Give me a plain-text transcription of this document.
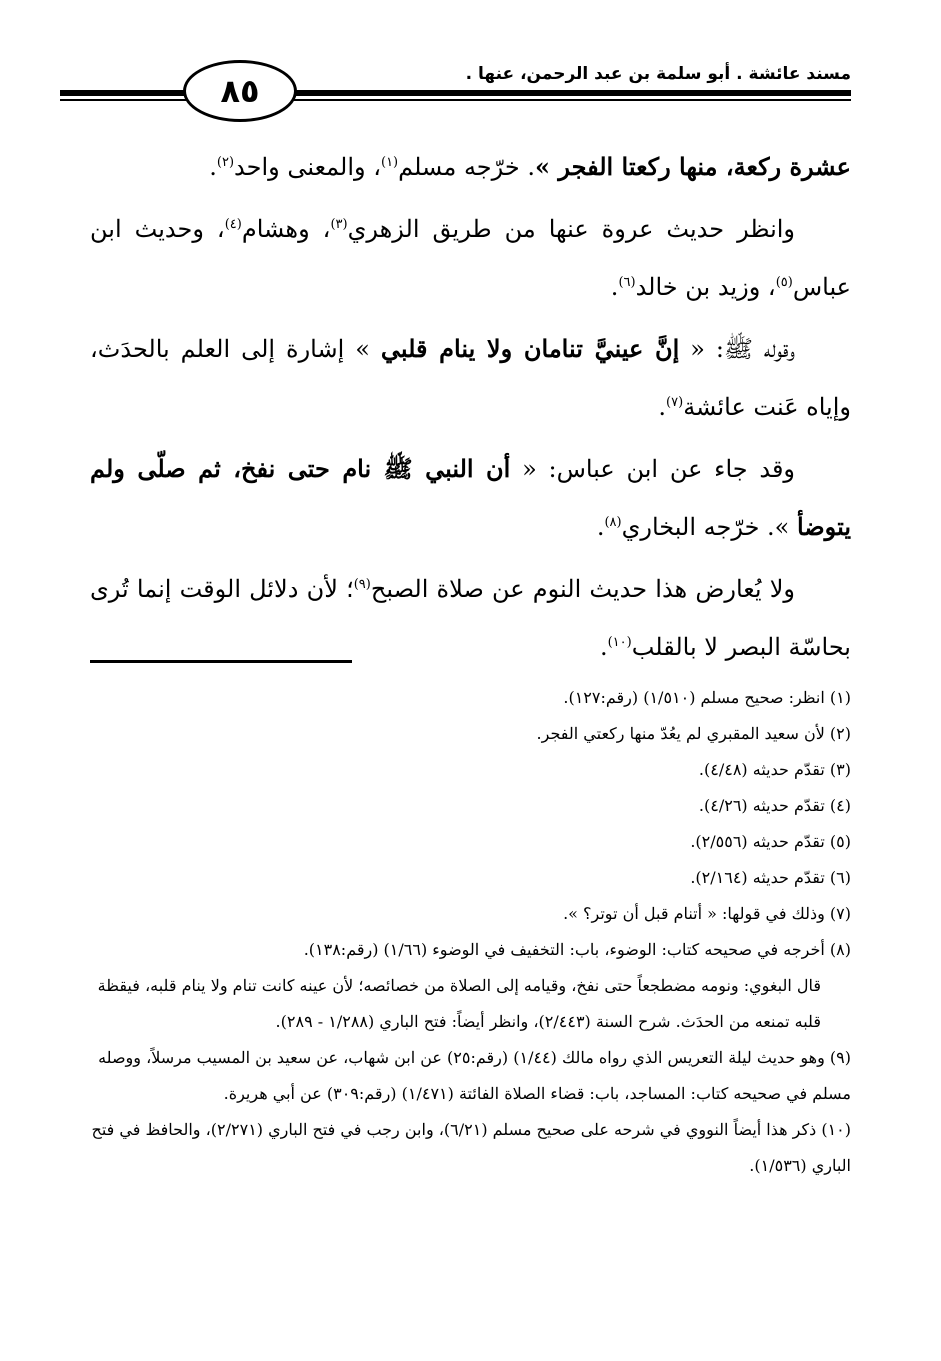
مسند عائشة . أبو سلمة بن عبد الرحمن، عنها .
٨٥

عشرة ركعة، منها ركعتا الفجر ». خرّجه مسلم$^{(١)}$، والمعنى واحد$^{(٢)}$.

وانظر حديث عروة عنها من طريق الزهري$^{(٣)}$، وهشام$^{(٤)}$، وحديث ابن عباس$^{(٥)}$، وزيد بن خالد$^{(٦)}$.

وقوله ﷺ: « إنَّ عينيَّ تنامان ولا ينام قلبي » إشارة إلى العلم بالحدَث، وإياه عَنت عائشة$^{(٧)}$.

وقد جاء عن ابن عباس: « أن النبي ﷺ نام حتى نفخ، ثم صلّى ولم يتوضأ ». خرّجه البخاري$^{(٨)}$.

ولا يُعارض هذا حديث النوم عن صلاة الصبح$^{(٩)}$؛ لأن دلائل الوقت إنما تُرى بحاسّة البصر لا بالقلب$^{(١٠)}$.

(١) انظر: صحيح مسلم (١/٥١٠) (رقم:١٢٧).
(٢) لأن سعيد المقبري لم يعُدّ منها ركعتي الفجر.
(٣) تقدّم حديثه (٤/٤٨).
(٤) تقدّم حديثه (٤/٢٦).
(٥) تقدّم حديثه (٢/٥٥٦).
(٦) تقدّم حديثه (٢/١٦٤).
(٧) وذلك في قولها: « أتنام قبل أن توتر؟ ».
(٨) أخرجه في صحيحه كتاب: الوضوء، باب: التخفيف في الوضوء (١/٦٦) (رقم:١٣٨).
قال البغوي: ونومه مضطجعاً حتى نفخ، وقيامه إلى الصلاة من خصائصه؛ لأن عينه كانت تنام ولا ينام قلبه، فيقظة قلبه تمنعه من الحدَث. شرح السنة (٢/٤٤٣)، وانظر أيضاً: فتح الباري (١/٢٨٨ - ٢٨٩).
(٩) وهو حديث ليلة التعريس الذي رواه مالك (١/٤٤) (رقم:٢٥) عن ابن شهاب، عن سعيد بن المسيب مرسلاً، ووصله مسلم في صحيحه كتاب: المساجد، باب: قضاء الصلاة الفائتة (١/٤٧١) (رقم:٣٠٩) عن أبي هريرة.
(١٠) ذكر هذا أيضاً النووي في شرحه على صحيح مسلم (٦/٢١)، وابن رجب في فتح الباري (٢/٢٧١)، والحافظ في فتح الباري (١/٥٣٦).
